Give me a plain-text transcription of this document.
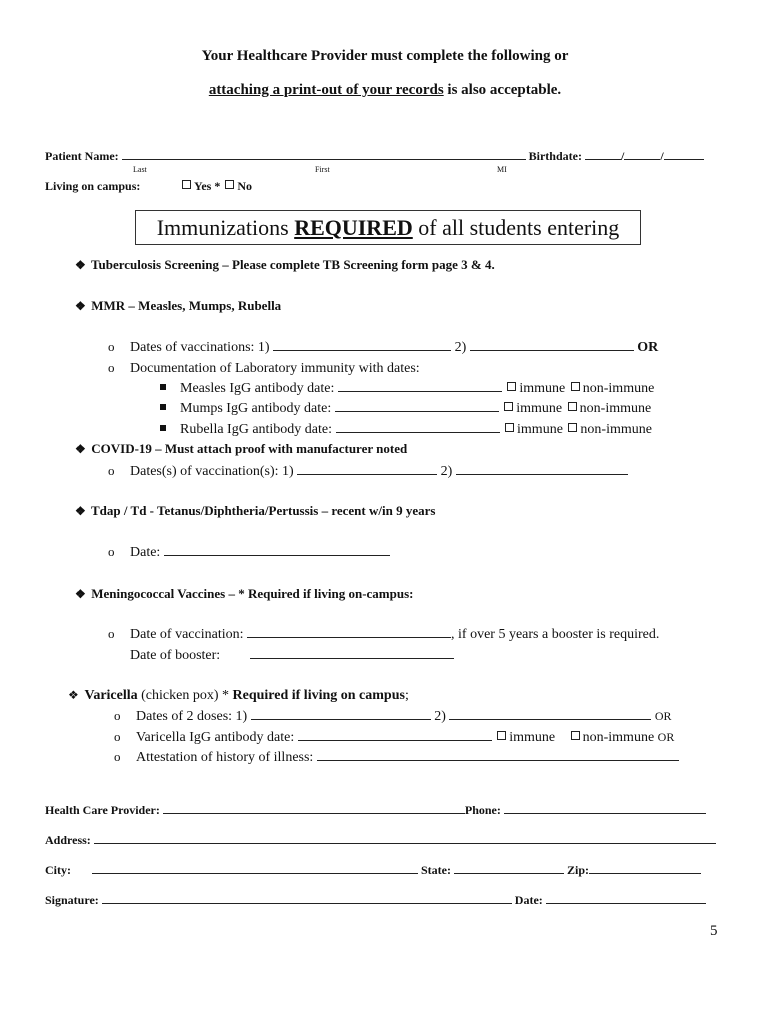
Your Healthcare Provider must complete the following or
attaching a print-out of your records is also acceptable.
Patient Name:	Birthdate:	/	/
Last	First	MI
Living on campus:	Yes * No
Immunizations REQUIRED of all students entering
❖ Tuberculosis Screening – Please complete TB Screening form page 3 & 4.
❖ MMR – Measles, Mumps, Rubella
o Dates of vaccinations: 1)	2)	OR
o Documentation of Laboratory immunity with dates:
Measles IgG antibody date:	immune non-immune
Mumps IgG antibody date:	immune non-immune
Rubella IgG antibody date:	immune non-immune
❖ COVID-19 – Must attach proof with manufacturer noted
o Dates(s) of vaccination(s): 1)	2)
❖ Tdap / Td - Tetanus/Diphtheria/Pertussis – recent w/in 9 years
o Date:
❖ Meningococcal Vaccines – * Required if living on-campus:
o Date of vaccination:	, if over 5 years a booster is required.
Date of booster:
❖ Varicella (chicken pox) * Required if living on campus;
o Dates of 2 doses: 1)	2)	OR
o Varicella IgG antibody date:	immune non-immune OR
o Attestation of history of illness:
Health Care Provider:	Phone:
Address:
City:	State:	Zip:
Signature:	Date:
5
